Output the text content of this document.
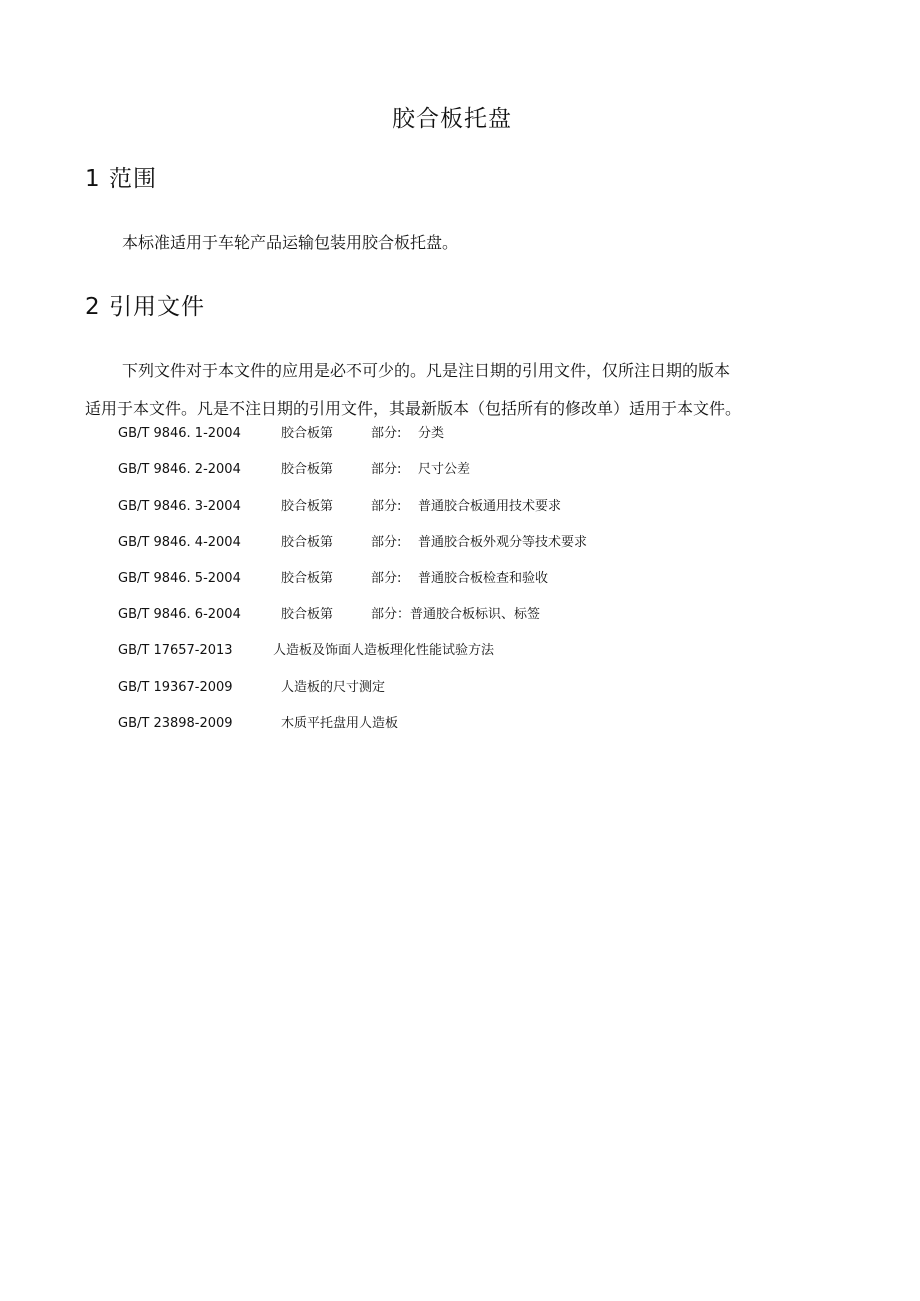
胶合板托盘
1 范围
本标准适用于车轮产品运输包装用胶合板托盘。
2 引用文件
下列文件对于本文件的应用是必不可少的。凡是注日期的引用文件，仅所注日期的版本
适用于本文件。凡是不注日期的引用文件，其最新版本（包括所有的修改单）适用于本文件。
GB/T 9846. 1-2004	胶合板第	部分: 分类
GB/T 9846. 2-2004	胶合板第	部分: 尺寸公差
GB/T 9846. 3-2004	胶合板第	部分: 普通胶合板通用技术要求
GB/T 9846. 4-2004	胶合板第	部分: 普通胶合板外观分等技术要求
GB/T 9846. 5-2004	胶合板第	部分: 普通胶合板检查和验收
GB/T 9846. 6-2004	胶合板第	部分：普通胶合板标识、标签
GB/T 17657-2013	人造板及饰面人造板理化性能试验方法
GB/T 19367-2009	人造板的尺寸测定
GB/T 23898-2009	木质平托盘用人造板
